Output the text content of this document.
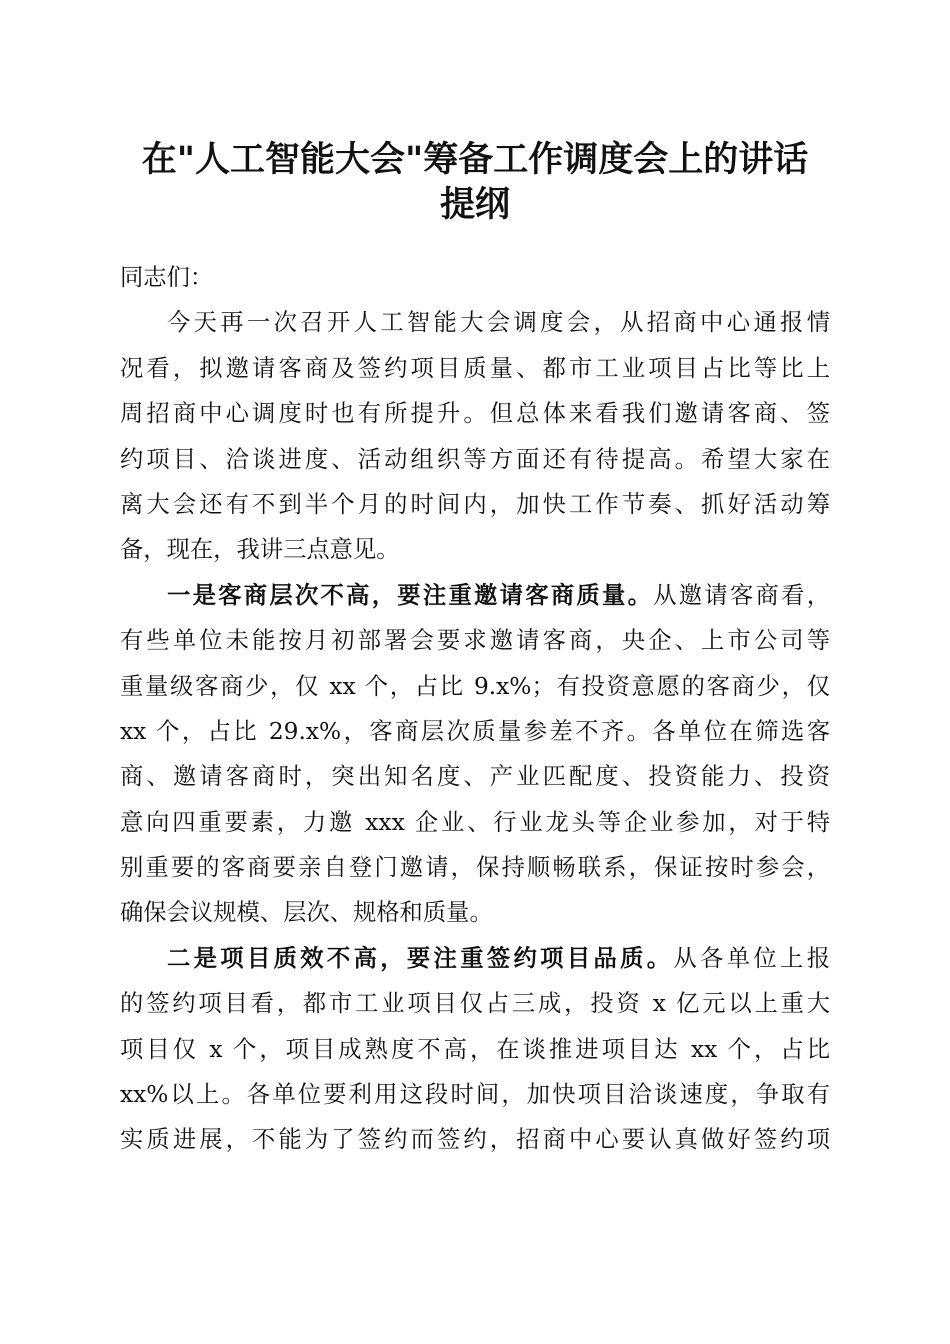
在"人工智能大会"筹备工作调度会上的讲话
提纲
同志们：
今天再一次召开人工智能大会调度会，从招商中心通报情
况看，拟邀请客商及签约项目质量、都市工业项目占比等比上
周招商中心调度时也有所提升。但总体来看我们邀请客商、签
约项目、洽谈进度、活动组织等方面还有待提高。希望大家在
离大会还有不到半个月的时间内，加快工作节奏、抓好活动筹
备，现在，我讲三点意见。
一是客商层次不高，要注重邀请客商质量。从邀请客商看，
有些单位未能按月初部署会要求邀请客商，央企、上市公司等
重量级客商少，仅 xx 个，占比 9.x%；有投资意愿的客商少，仅
xx 个，占比 29.x%，客商层次质量参差不齐。各单位在筛选客
商、邀请客商时，突出知名度、产业匹配度、投资能力、投资
意向四重要素，力邀 xxx 企业、行业龙头等企业参加，对于特
别重要的客商要亲自登门邀请，保持顺畅联系，保证按时参会，
确保会议规模、层次、规格和质量。
二是项目质效不高，要注重签约项目品质。从各单位上报
的签约项目看，都市工业项目仅占三成，投资 x 亿元以上重大
项目仅 x 个，项目成熟度不高，在谈推进项目达 xx 个，占比
xx%以上。各单位要利用这段时间，加快项目洽谈速度，争取有
实质进展，不能为了签约而签约，招商中心要认真做好签约项
